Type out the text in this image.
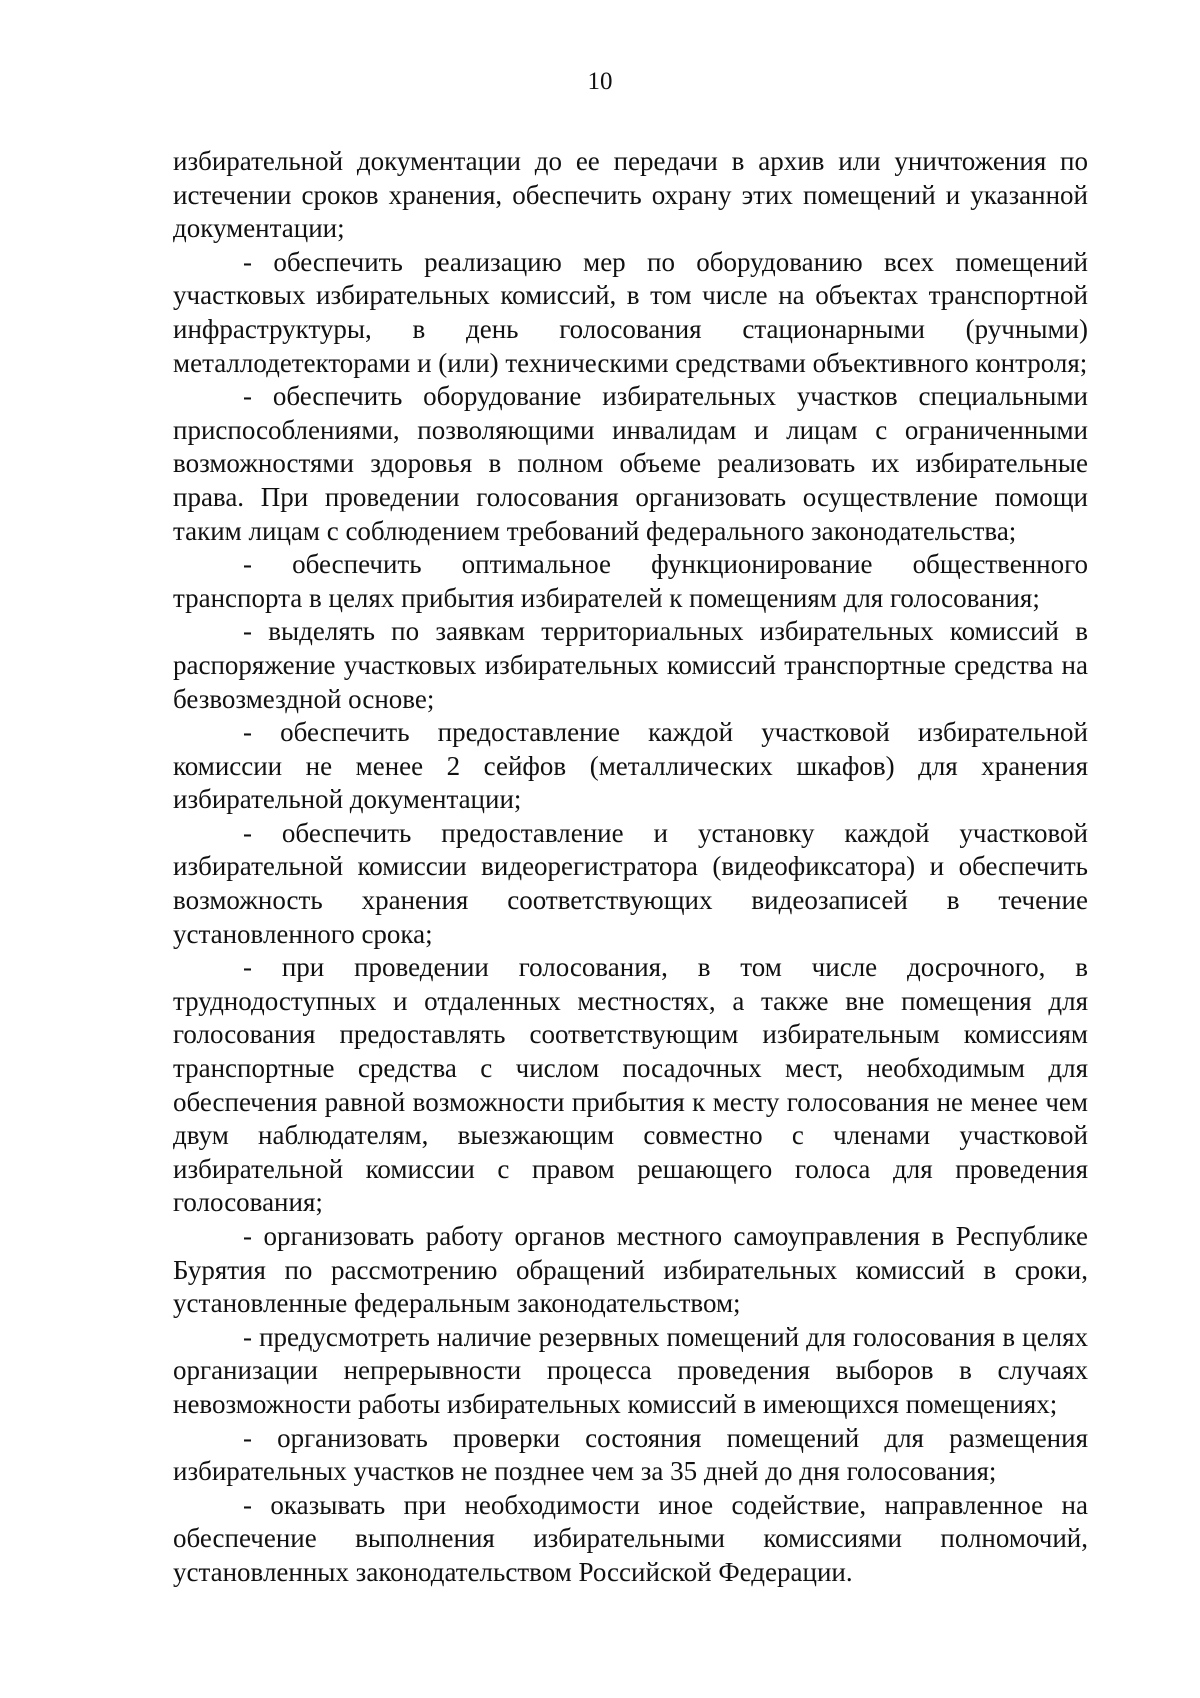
10

избирательной документации до ее передачи в архив или уничтожения по истечении сроков хранения, обеспечить охрану этих помещений и указанной документации;

- обеспечить реализацию мер по оборудованию всех помещений участковых избирательных комиссий, в том числе на объектах транспортной инфраструктуры, в день голосования стационарными (ручными) металлодетекторами и (или) техническими средствами объективного контроля;

- обеспечить оборудование избирательных участков специальными приспособлениями, позволяющими инвалидам и лицам с ограниченными возможностями здоровья в полном объеме реализовать их избирательные права. При проведении голосования организовать осуществление помощи таким лицам с соблюдением требований федерального законодательства;

- обеспечить оптимальное функционирование общественного транспорта в целях прибытия избирателей к помещениям для голосования;

- выделять по заявкам территориальных избирательных комиссий в распоряжение участковых избирательных комиссий транспортные средства на безвозмездной основе;

- обеспечить предоставление каждой участковой избирательной комиссии не менее 2 сейфов (металлических шкафов) для хранения избирательной документации;

- обеспечить предоставление и установку каждой участковой избирательной комиссии видеорегистратора (видеофиксатора) и обеспечить возможность хранения соответствующих видеозаписей в течение установленного срока;

- при проведении голосования, в том числе досрочного, в труднодоступных и отдаленных местностях, а также вне помещения для голосования предоставлять соответствующим избирательным комиссиям транспортные средства с числом посадочных мест, необходимым для обеспечения равной возможности прибытия к месту голосования не менее чем двум наблюдателям, выезжающим совместно с членами участковой избирательной комиссии с правом решающего голоса для проведения голосования;

- организовать работу органов местного самоуправления в Республике Бурятия по рассмотрению обращений избирательных комиссий в сроки, установленные федеральным законодательством;

- предусмотреть наличие резервных помещений для голосования в целях организации непрерывности процесса проведения выборов в случаях невозможности работы избирательных комиссий в имеющихся помещениях;

- организовать проверки состояния помещений для размещения избирательных участков не позднее чем за 35 дней до дня голосования;

- оказывать при необходимости иное содействие, направленное на обеспечение выполнения избирательными комиссиями полномочий, установленных законодательством Российской Федерации.
